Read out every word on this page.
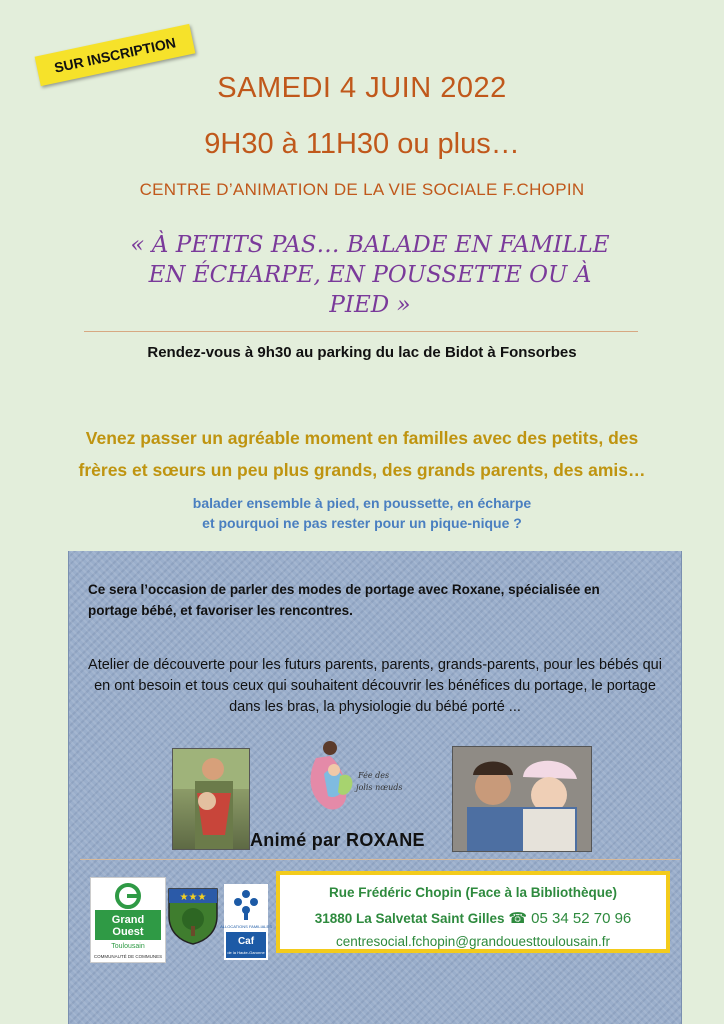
SUR INSCRIPTION
SAMEDI 4 JUIN 2022
9H30 à 11H30 ou plus…
CENTRE D’ANIMATION DE LA VIE SOCIALE F.CHOPIN
« À PETITS PAS… BALADE EN FAMILLE
EN ÉCHARPE, EN POUSSETTE OU À
PIED »
Rendez-vous à 9h30 au parking du lac de Bidot à Fonsorbes
Venez passer un agréable moment en familles avec des petits, des frères et sœurs un peu plus grands, des grands parents, des amis…balader ensemble à pied, en poussette, en écharpe
et pourquoi ne pas rester pour un pique-nique ?
Ce sera l’occasion de parler des modes de portage avec Roxane, spécialisée en portage bébé, et favoriser les rencontres.
Atelier de découverte pour les futurs parents, parents, grands-parents, pour les bébés qui en ont besoin et tous ceux qui souhaitent découvrir les bénéfices du portage, le portage dans les bras, la physiologie du bébé porté ...
Fée des
jolis nœuds
Animé par ROXANE
Grand
Ouest
Toulousain
COMMUNAUTÉ DE COMMUNES
★★★
ALLOCATIONS FAMILIALES
Caf
de la Haute-Garonne
Rue Frédéric Chopin (Face à la Bibliothèque)
31880 La Salvetat Saint Gilles ☎ 05 34 52 70 96
centresocial.fchopin@grandouesttoulousain.fr
